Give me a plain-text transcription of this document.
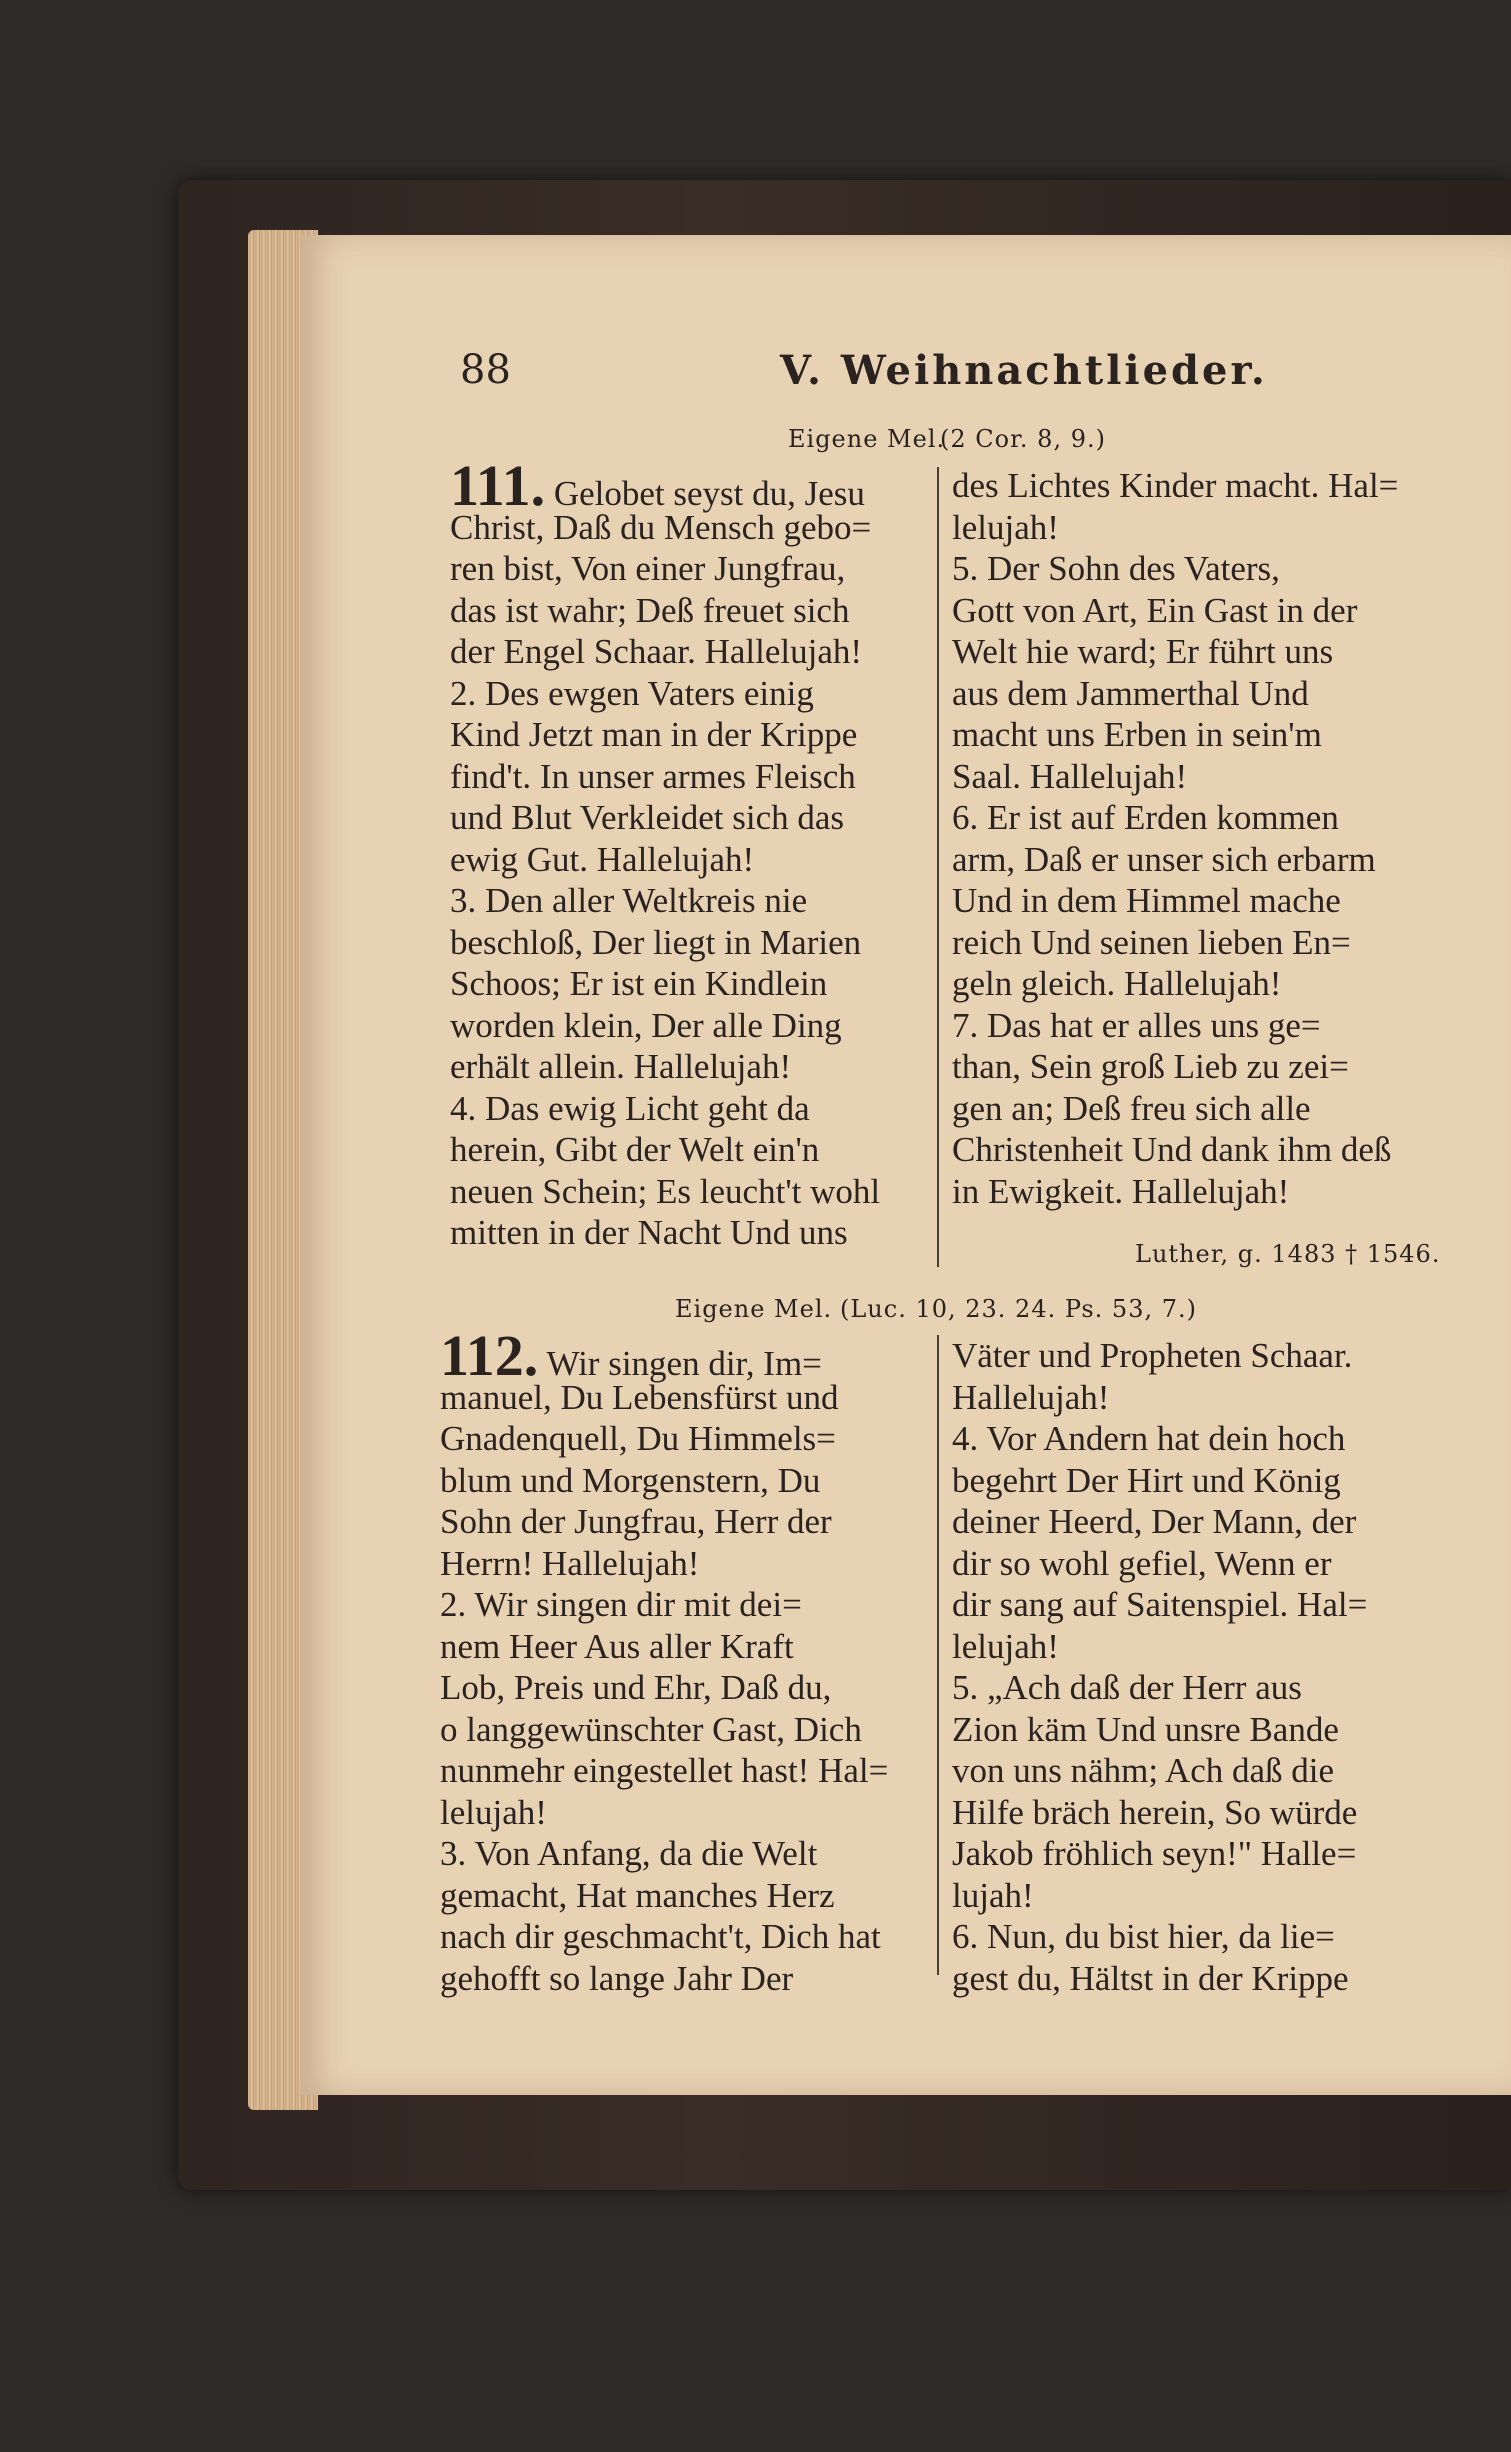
88	V. Weihnachtlieder.
Eigene Mel.
(2 Cor. 8, 9.)
111. Gelobet seyst du, Jesu
Christ, Daß du Mensch gebo=
ren bist, Von einer Jungfrau,
das ist wahr; Deß freuet sich
der Engel Schaar. Hallelujah!
2. Des ewgen Vaters einig
Kind Jetzt man in der Krippe
find't. In unser armes Fleisch
und Blut Verkleidet sich das
ewig Gut. Hallelujah!
3. Den aller Weltkreis nie
beschloß, Der liegt in Marien
Schoos; Er ist ein Kindlein
worden klein, Der alle Ding
erhält allein. Hallelujah!
4. Das ewig Licht geht da
herein, Gibt der Welt ein'n
neuen Schein; Es leucht't wohl
mitten in der Nacht Und uns
des Lichtes Kinder macht. Hal=
lelujah!
5. Der Sohn des Vaters,
Gott von Art, Ein Gast in der
Welt hie ward; Er führt uns
aus dem Jammerthal Und
macht uns Erben in sein'm
Saal. Hallelujah!
6. Er ist auf Erden kommen
arm, Daß er unser sich erbarm
Und in dem Himmel mache
reich Und seinen lieben En=
geln gleich. Hallelujah!
7. Das hat er alles uns ge=
than, Sein groß Lieb zu zei=
gen an; Deß freu sich alle
Christenheit Und dank ihm deß
in Ewigkeit. Hallelujah!
Luther, g. 1483 † 1546.
Eigene Mel. (Luc. 10, 23. 24. Ps. 53, 7.)
112. Wir singen dir, Im=
manuel, Du Lebensfürst und
Gnadenquell, Du Himmels=
blum und Morgenstern, Du
Sohn der Jungfrau, Herr der
Herrn! Hallelujah!
2. Wir singen dir mit dei=
nem Heer Aus aller Kraft
Lob, Preis und Ehr, Daß du,
o langgewünschter Gast, Dich
nunmehr eingestellet hast! Hal=
lelujah!
3. Von Anfang, da die Welt
gemacht, Hat manches Herz
nach dir geschmacht't, Dich hat
gehofft so lange Jahr Der
Väter und Propheten Schaar.
Hallelujah!
4. Vor Andern hat dein hoch
begehrt Der Hirt und König
deiner Heerd, Der Mann, der
dir so wohl gefiel, Wenn er
dir sang auf Saitenspiel. Hal=
lelujah!
5. „Ach daß der Herr aus
Zion käm Und unsre Bande
von uns nähm; Ach daß die
Hilfe bräch herein, So würde
Jakob fröhlich seyn!" Halle=
lujah!
6. Nun, du bist hier, da lie=
gest du, Hältst in der Krippe
